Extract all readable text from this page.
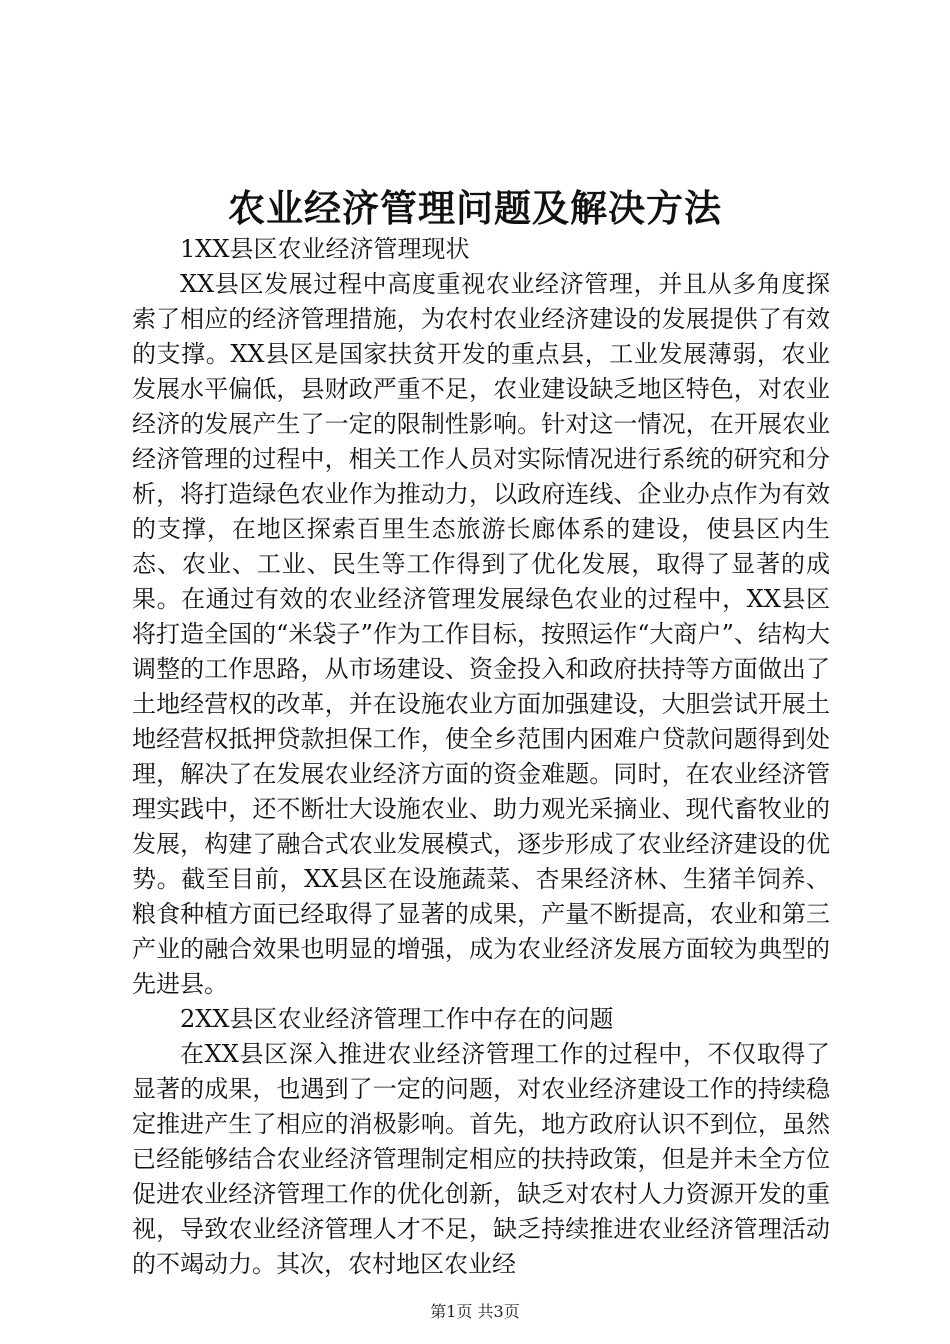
农业经济管理问题及解决方法

1XX县区农业经济管理现状

XX县区发展过程中高度重视农业经济管理，并且从多角度探索了相应的经济管理措施，为农村农业经济建设的发展提供了有效的支撑。XX县区是国家扶贫开发的重点县，工业发展薄弱，农业发展水平偏低，县财政严重不足，农业建设缺乏地区特色，对农业经济的发展产生了一定的限制性影响。针对这一情况，在开展农业经济管理的过程中，相关工作人员对实际情况进行系统的研究和分析，将打造绿色农业作为推动力，以政府连线、企业办点作为有效的支撑，在地区探索百里生态旅游长廊体系的建设，使县区内生态、农业、工业、民生等工作得到了优化发展，取得了显著的成果。在通过有效的农业经济管理发展绿色农业的过程中，XX县区将打造全国的“米袋子”作为工作目标，按照运作“大商户”、结构大调整的工作思路，从市场建设、资金投入和政府扶持等方面做出了土地经营权的改革，并在设施农业方面加强建设，大胆尝试开展土地经营权抵押贷款担保工作，使全乡范围内困难户贷款问题得到处理，解决了在发展农业经济方面的资金难题。同时，在农业经济管理实践中，还不断壮大设施农业、助力观光采摘业、现代畜牧业的发展，构建了融合式农业发展模式，逐步形成了农业经济建设的优势。截至目前，XX县区在设施蔬菜、杏果经济林、生猪羊饲养、粮食种植方面已经取得了显著的成果，产量不断提高，农业和第三产业的融合效果也明显的增强，成为农业经济发展方面较为典型的先进县。

2XX县区农业经济管理工作中存在的问题

在XX县区深入推进农业经济管理工作的过程中，不仅取得了显著的成果，也遇到了一定的问题，对农业经济建设工作的持续稳定推进产生了相应的消极影响。首先，地方政府认识不到位，虽然已经能够结合农业经济管理制定相应的扶持政策，但是并未全方位促进农业经济管理工作的优化创新，缺乏对农村人力资源开发的重视，导致农业经济管理人才不足，缺乏持续推进农业经济管理活动的不竭动力。其次，农村地区农业经

第1页 共3页
